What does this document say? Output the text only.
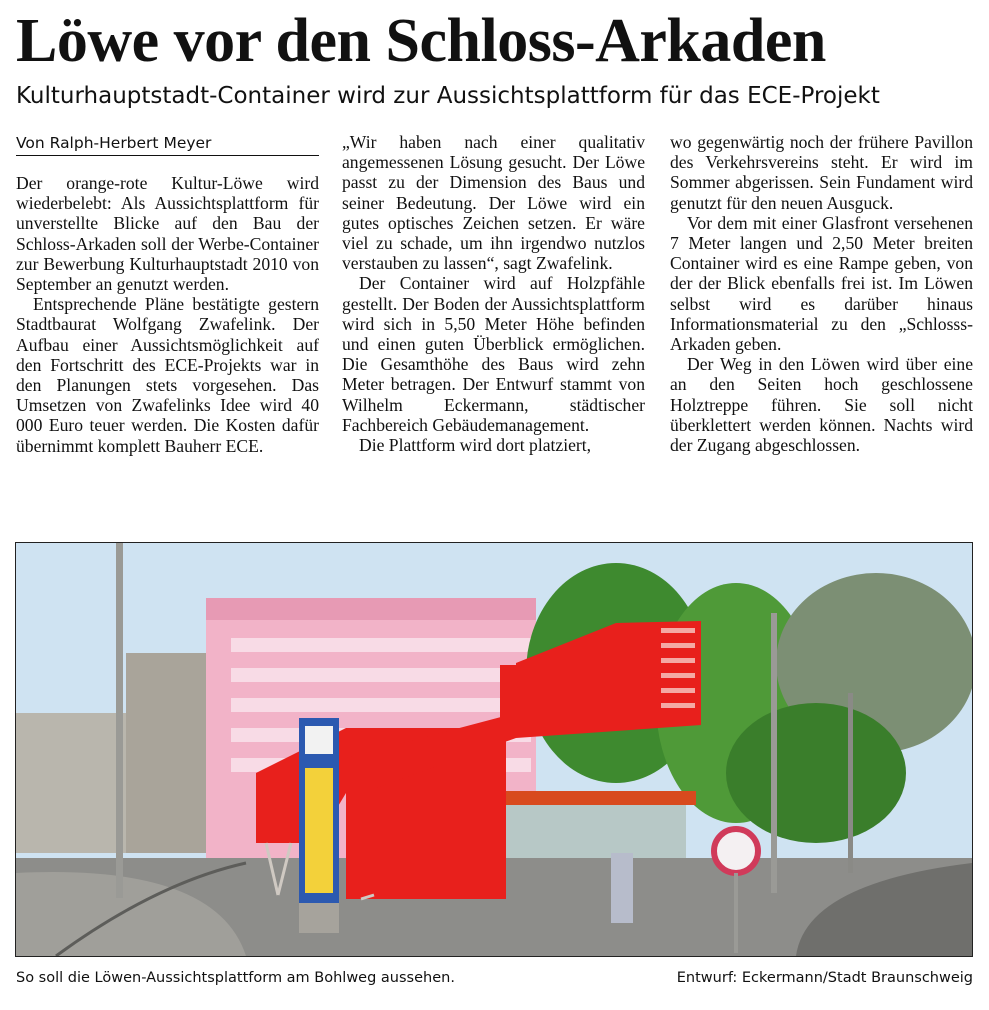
Löwe vor den Schloss-Arkaden
Kulturhauptstadt-Container wird zur Aussichtsplattform für das ECE-Projekt
Von Ralph-Herbert Meyer

Der orange-rote Kultur-Löwe wird wiederbelebt: Als Aussichtsplattform für unverstellte Blicke auf den Bau der Schloss-Arkaden soll der Werbe-Container zur Bewerbung Kulturhauptstadt 2010 von September an genutzt werden.

Entsprechende Pläne bestätigte gestern Stadtbaurat Wolfgang Zwafelink. Der Aufbau einer Aussichtsmöglichkeit auf den Fortschritt des ECE-Projekts war in den Planungen stets vorgesehen. Das Umsetzen von Zwafelinks Idee wird 40 000 Euro teuer werden. Die Kosten dafür übernimmt komplett Bauherr ECE.

„Wir haben nach einer qualitativ angemessenen Lösung gesucht. Der Löwe passt zu der Dimension des Baus und seiner Bedeutung. Der Löwe wird ein gutes optisches Zeichen setzen. Er wäre viel zu schade, um ihn irgendwo nutzlos verstauben zu lassen“, sagt Zwafelink.

Der Container wird auf Holzpfähle gestellt. Der Boden der Aussichtsplattform wird sich in 5,50 Meter Höhe befinden und einen guten Überblick ermöglichen. Die Gesamthöhe des Baus wird zehn Meter betragen. Der Entwurf stammt von Wilhelm Eckermann, städtischer Fachbereich Gebäudemanagement.

Die Plattform wird dort platziert,

wo gegenwärtig noch der frühere Pavillon des Verkehrsvereins steht. Er wird im Sommer abgerissen. Sein Fundament wird genutzt für den neuen Ausguck.

Vor dem mit einer Glasfront versehenen 7 Meter langen und 2,50 Meter breiten Container wird es eine Rampe geben, von der der Blick ebenfalls frei ist. Im Löwen selbst wird es darüber hinaus Informationsmaterial zu den „Schlosss-Arkaden geben.

Der Weg in den Löwen wird über eine an den Seiten hoch geschlossene Holztreppe führen. Sie soll nicht überklettert werden können. Nachts wird der Zugang abgeschlossen.

So soll die Löwen-Aussichtsplattform am Bohlweg aussehen.	Entwurf: Eckermann/Stadt Braunschweig
